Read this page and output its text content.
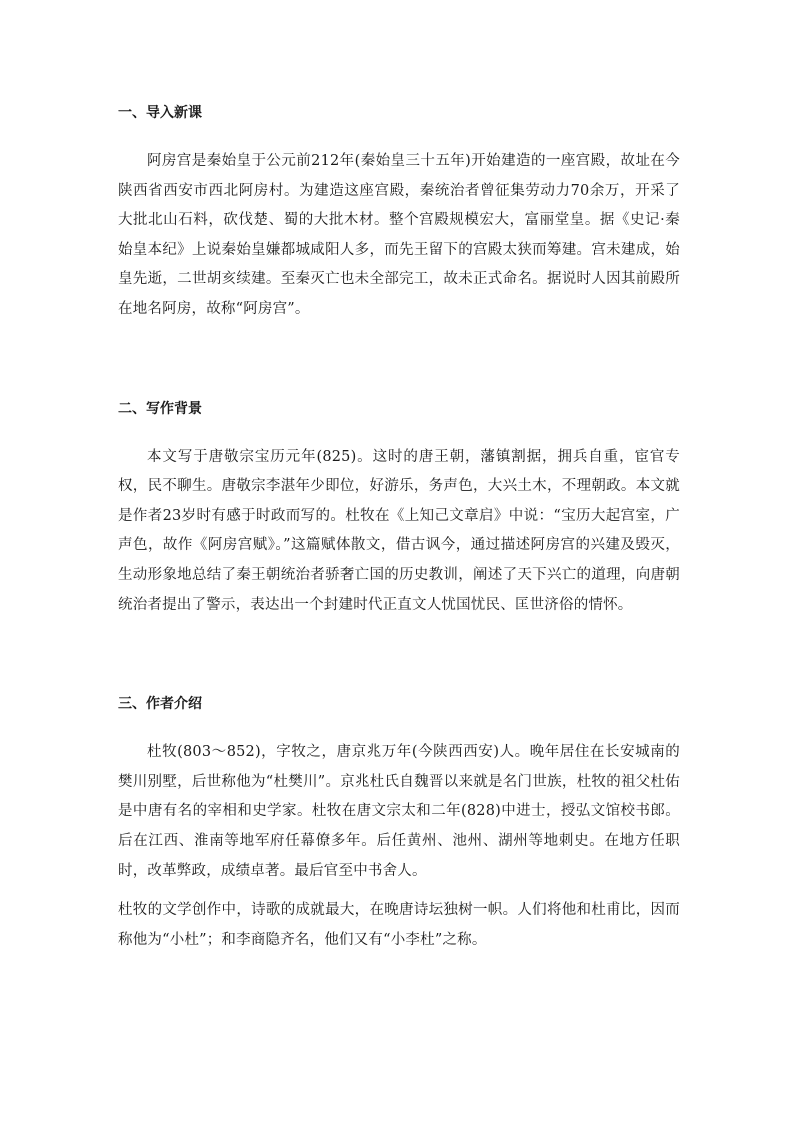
一、导入新课

阿房宫是秦始皇于公元前212年(秦始皇三十五年)开始建造的一座宫殿，故址在今陕西省西安市西北阿房村。为建造这座宫殿，秦统治者曾征集劳动力70余万，开采了大批北山石料，砍伐楚、蜀的大批木材。整个宫殿规模宏大，富丽堂皇。据《史记·秦始皇本纪》上说秦始皇嫌都城咸阳人多，而先王留下的宫殿太狭而筹建。宫未建成，始皇先逝，二世胡亥续建。至秦灭亡也未全部完工，故未正式命名。据说时人因其前殿所在地名阿房，故称“阿房宫”。

二、写作背景

本文写于唐敬宗宝历元年(825)。这时的唐王朝，藩镇割据，拥兵自重，宦官专权，民不聊生。唐敬宗李湛年少即位，好游乐，务声色，大兴土木，不理朝政。本文就是作者23岁时有感于时政而写的。杜牧在《上知己文章启》中说：“宝历大起宫室，广声色，故作《阿房宫赋》。”这篇赋体散文，借古讽今，通过描述阿房宫的兴建及毁灭，生动形象地总结了秦王朝统治者骄奢亡国的历史教训，阐述了天下兴亡的道理，向唐朝统治者提出了警示，表达出一个封建时代正直文人忧国忧民、匡世济俗的情怀。

三、作者介绍

杜牧(803～852)，字牧之，唐京兆万年(今陕西西安)人。晚年居住在长安城南的樊川别墅，后世称他为“杜樊川”。京兆杜氏自魏晋以来就是名门世族，杜牧的祖父杜佑是中唐有名的宰相和史学家。杜牧在唐文宗太和二年(828)中进士，授弘文馆校书郎。后在江西、淮南等地军府任幕僚多年。后任黄州、池州、湖州等地刺史。在地方任职时，改革弊政，成绩卓著。最后官至中书舍人。

杜牧的文学创作中，诗歌的成就最大，在晚唐诗坛独树一帜。人们将他和杜甫比，因而称他为“小杜”；和李商隐齐名，他们又有“小李杜”之称。
